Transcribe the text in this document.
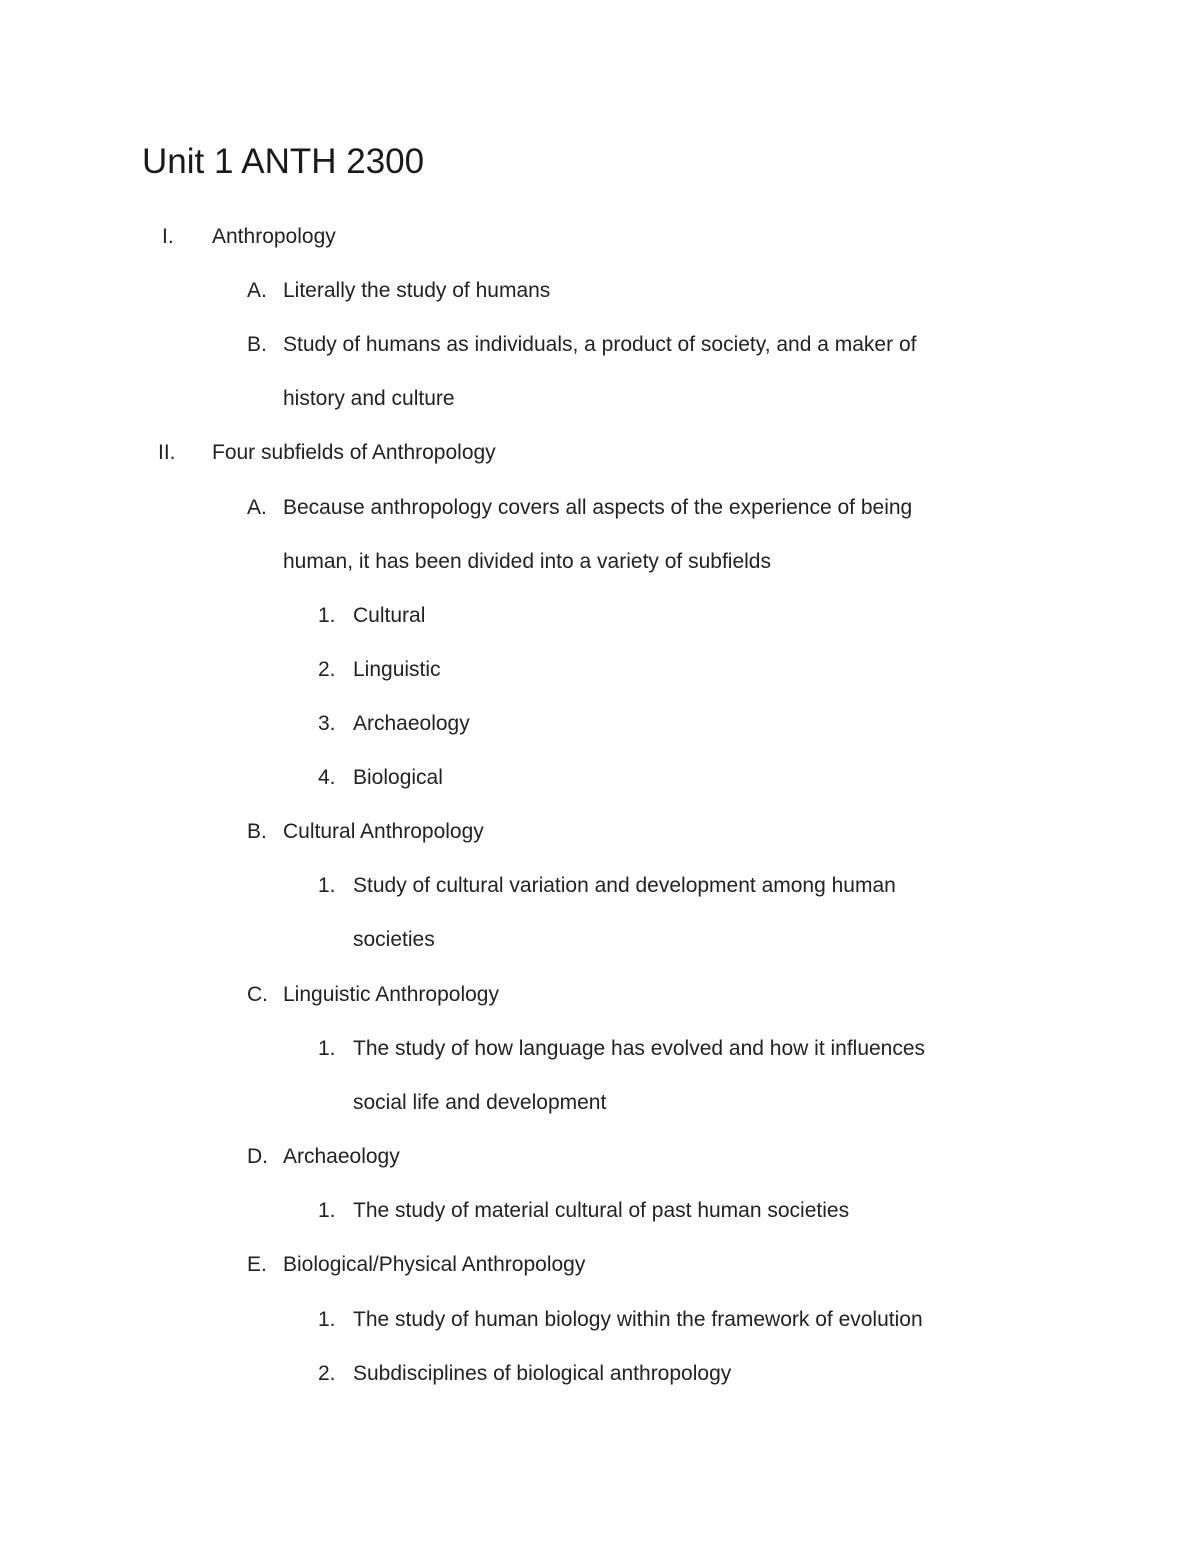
Unit 1 ANTH 2300
I. Anthropology
A. Literally the study of humans
B. Study of humans as individuals, a product of society, and a maker of
history and culture
II. Four subfields of Anthropology
A. Because anthropology covers all aspects of the experience of being
human, it has been divided into a variety of subfields
1. Cultural
2. Linguistic
3. Archaeology
4. Biological
B. Cultural Anthropology
1. Study of cultural variation and development among human
societies
C. Linguistic Anthropology
1. The study of how language has evolved and how it influences
social life and development
D. Archaeology
1. The study of material cultural of past human societies
E. Biological/Physical Anthropology
1. The study of human biology within the framework of evolution
2. Subdisciplines of biological anthropology
